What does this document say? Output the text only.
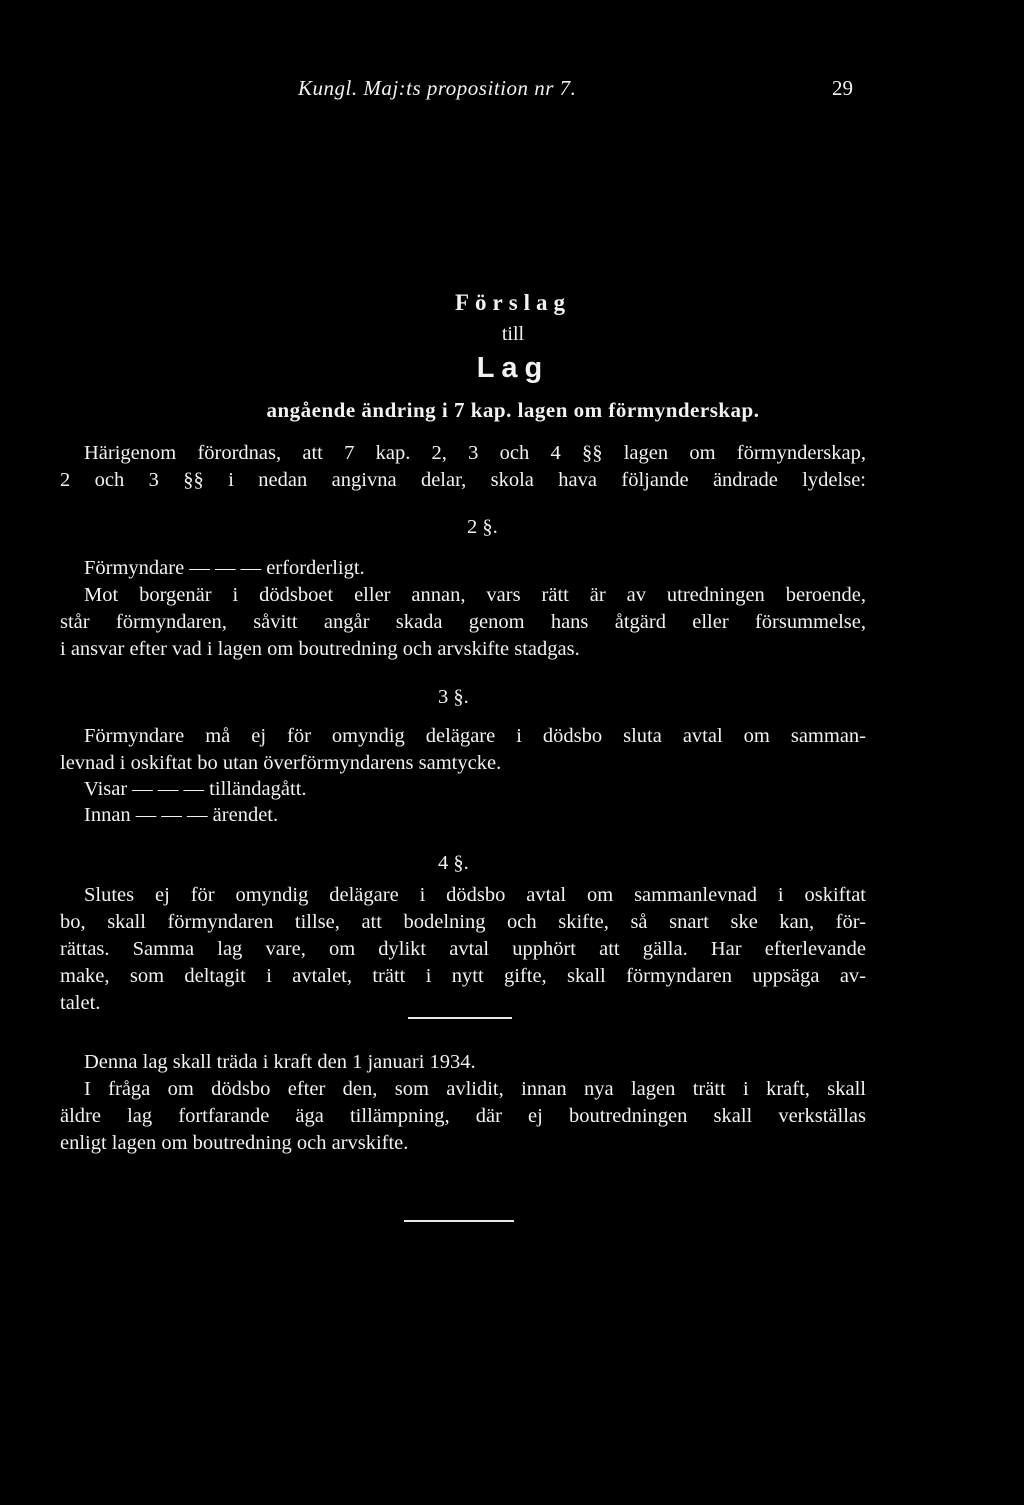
Kungl. Maj:ts proposition nr 7.	29
Förslag
till
Lag
angående ändring i 7 kap. lagen om förmynderskap.
Härigenom förordnas, att 7 kap. 2, 3 och 4 §§ lagen om förmynderskap,
2 och 3 §§ i nedan angivna delar, skola hava följande ändrade lydelse:
2 §.
Förmyndare — — — erforderligt.
Mot borgenär i dödsboet eller annan, vars rätt är av utredningen beroende,
står förmyndaren, såvitt angår skada genom hans åtgärd eller försummelse,
i ansvar efter vad i lagen om boutredning och arvskifte stadgas.
3 §.
Förmyndare må ej för omyndig delägare i dödsbo sluta avtal om samman-
levnad i oskiftat bo utan överförmyndarens samtycke.
Visar — — — tilländagått.
Innan — — — ärendet.
4 §.
Slutes ej för omyndig delägare i dödsbo avtal om sammanlevnad i oskiftat
bo, skall förmyndaren tillse, att bodelning och skifte, så snart ske kan, för-
rättas. Samma lag vare, om dylikt avtal upphört att gälla. Har efterlevande
make, som deltagit i avtalet, trätt i nytt gifte, skall förmyndaren uppsäga av-
talet.
Denna lag skall träda i kraft den 1 januari 1934.
I fråga om dödsbo efter den, som avlidit, innan nya lagen trätt i kraft, skall
äldre lag fortfarande äga tillämpning, där ej boutredningen skall verkställas
enligt lagen om boutredning och arvskifte.
